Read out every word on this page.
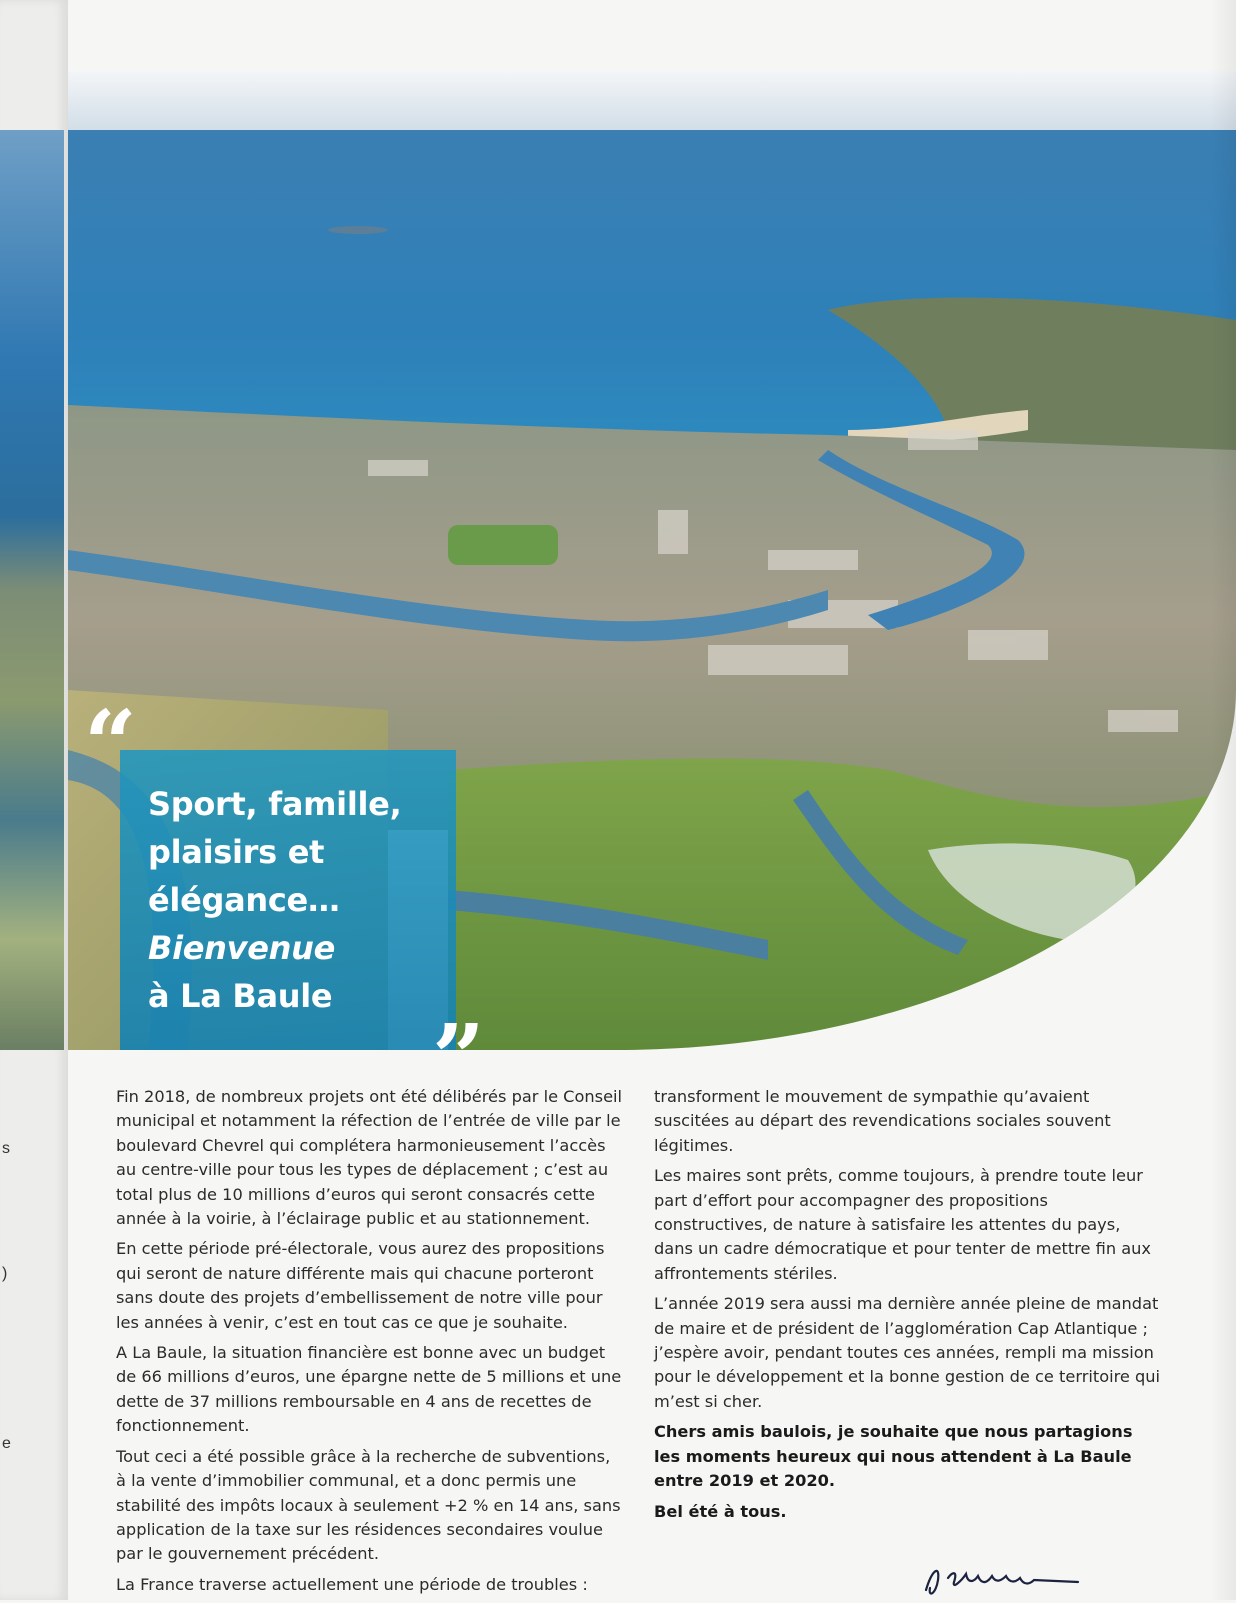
s
)
e
“
Sport, famille,
plaisirs et
élégance…
Bienvenue
à La Baule
”

Fin 2018, de nombreux projets ont été délibérés par le Conseil municipal et notamment la réfection de l’entrée de ville par le boulevard Chevrel qui complétera harmonieusement l’accès au centre-ville pour tous les types de déplacement ; c’est au total plus de 10 millions d’euros qui seront consacrés cette année à la voirie, à l’éclairage public et au stationnement.

En cette période pré-électorale, vous aurez des propositions qui seront de nature différente mais qui chacune porteront sans doute des projets d’embellissement de notre ville pour les années à venir, c’est en tout cas ce que je souhaite.

A La Baule, la situation financière est bonne avec un budget de 66 millions d’euros, une épargne nette de 5 millions et une dette de 37 millions remboursable en 4 ans de recettes de fonctionnement.

Tout ceci a été possible grâce à la recherche de subventions, à la vente d’immobilier communal, et a donc permis une stabilité des impôts locaux à seulement +2 % en 14 ans, sans application de la taxe sur les résidences secondaires voulue par le gouvernement précédent.

La France traverse actuellement une période de troubles :

transforment le mouvement de sympathie qu’avaient suscitées au départ des revendications sociales souvent légitimes.

Les maires sont prêts, comme toujours, à prendre toute leur part d’effort pour accompagner des propositions constructives, de nature à satisfaire les attentes du pays, dans un cadre démocratique et pour tenter de mettre fin aux affrontements stériles.

L’année 2019 sera aussi ma dernière année pleine de mandat de maire et de président de l’agglomération Cap Atlantique ; j’espère avoir, pendant toutes ces années, rempli ma mission pour le développement et la bonne gestion de ce territoire qui m’est si cher.

Chers amis baulois, je souhaite que nous partagions les moments heureux qui nous attendent à La Baule entre 2019 et 2020.

Bel été à tous.
